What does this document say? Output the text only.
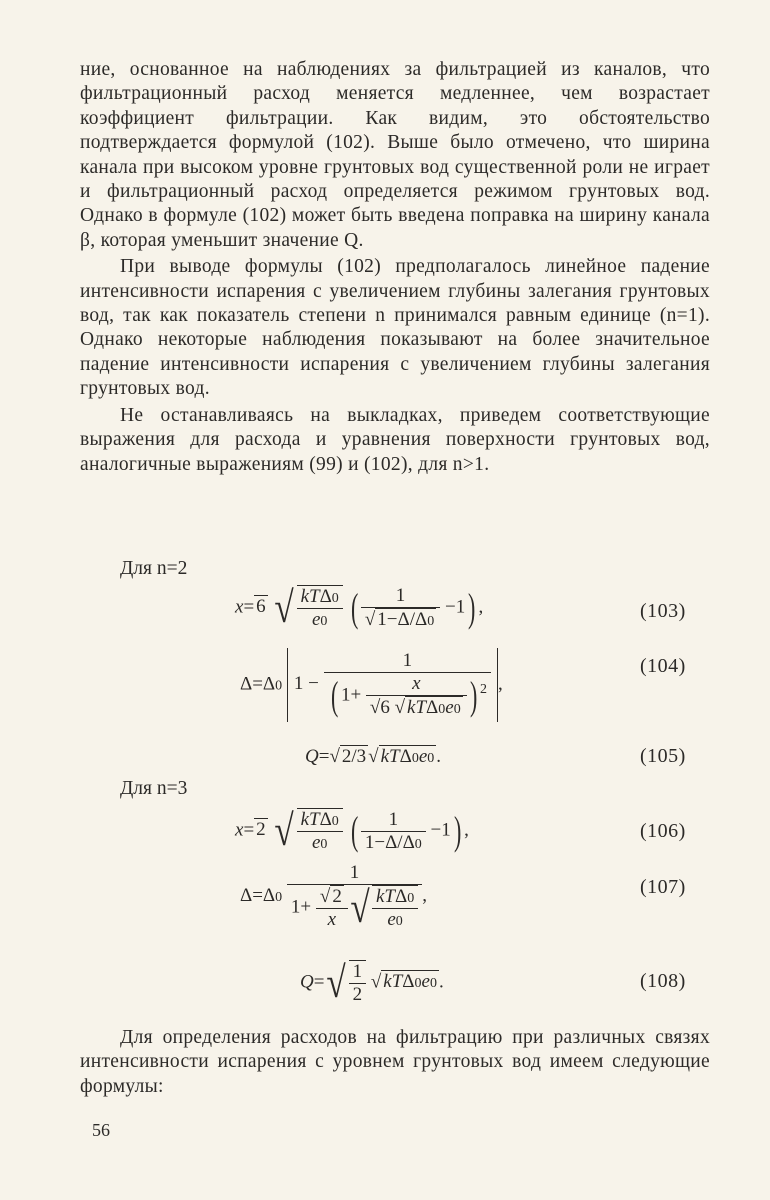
ние, основанное на наблюдениях за фильтрацией из каналов, что фильтрационный расход меняется медленнее, чем возрастает коэффициент фильтрации. Как видим, это обстоятельство подтверждается формулой (102). Выше было отмечено, что ширина канала при высоком уровне грунтовых вод существенной роли не играет и фильтрационный расход определяется режимом грунтовых вод. Однако в формуле (102) может быть введена поправка на ширину канала β, которая уменьшит значение Q.

При выводе формулы (102) предполагалось линейное падение интенсивности испарения с увеличением глубины залегания грунтовых вод, так как показатель степени n принимался равным единице (n=1). Однако некоторые наблюдения показывают на более значительное падение интенсивности испарения с увеличением глубины залегания грунтовых вод.

Не останавливаясь на выкладках, приведем соответствующие выражения для расхода и уравнения поверхности грунтовых вод, аналогичные выражениям (99) и (102), для n>1.

Для n=2
x= 6 √ $\frac{\text{kTΔ0}}{e0}$ ( $\frac{1}{√ 1-\Delta/\Delta 0} -1$) ,	(103)
Δ=Δ0 $1 - \frac{1}{( 1+ \frac{x}{\text{√6 √ kTΔ0e0}} ) ^2}$ ,
(104)
Q=√ 2/3 √ kTΔ0e0 .	(105)
Для n=3
x= 2 √ $\frac{\text{kTΔ0}}{e0}$ ( $\frac{1}{1-\Delta/\Delta 0} -1$) ,	(106)
$\Delta=\Delta 0 \frac{1}{1+ \frac{√ 2}{x} √ \frac{\text{kTΔ0}}{e0}}$ ,	(107)
$Q=√ \frac{1}{2}$ √ kTΔ0e0 .	(108)

Для определения расходов на фильтрацию при различных связях интенсивности испарения с уровнем грунтовых вод имеем следующие формулы:

56
